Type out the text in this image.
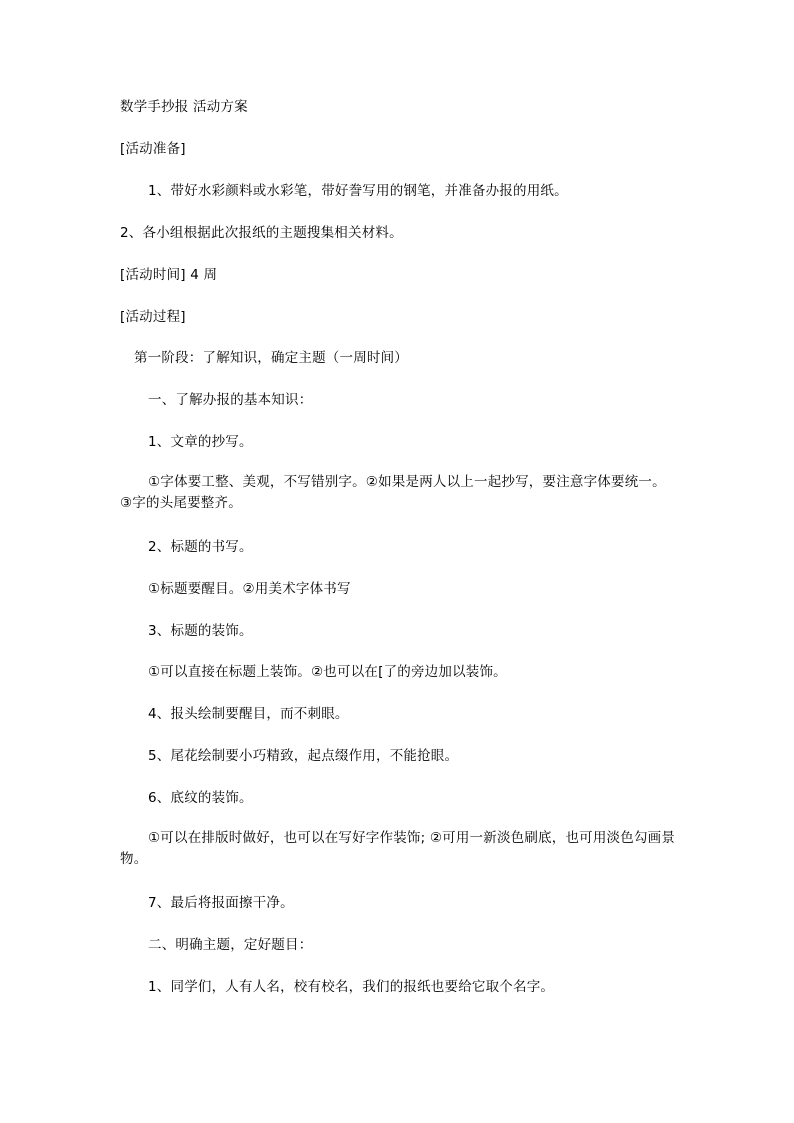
数学手抄报 活动方案
[活动准备]
1、带好水彩颜料或水彩笔，带好誊写用的钢笔，并准备办报的用纸。
2、各小组根据此次报纸的主题搜集相关材料。
[活动时间] 4 周
[活动过程]
第一阶段：了解知识，确定主题（一周时间）
一、了解办报的基本知识：
1、文章的抄写。
①字体要工整、美观，不写错别字。②如果是两人以上一起抄写，要注意字体要统一。③字的头尾要整齐。
2、标题的书写。
①标题要醒目。②用美术字体书写
3、标题的装饰。
①可以直接在标题上装饰。②也可以在[了的旁边加以装饰。
4、报头绘制要醒目，而不刺眼。
5、尾花绘制要小巧精致，起点缀作用，不能抢眼。
6、底纹的装饰。
①可以在排版时做好，也可以在写好字作装饰; ②可用一新淡色刷底，也可用淡色勾画景物。
7、最后将报面擦干净。
二、明确主题，定好题目：
1、同学们，人有人名，校有校名，我们的报纸也要给它取个名字。
